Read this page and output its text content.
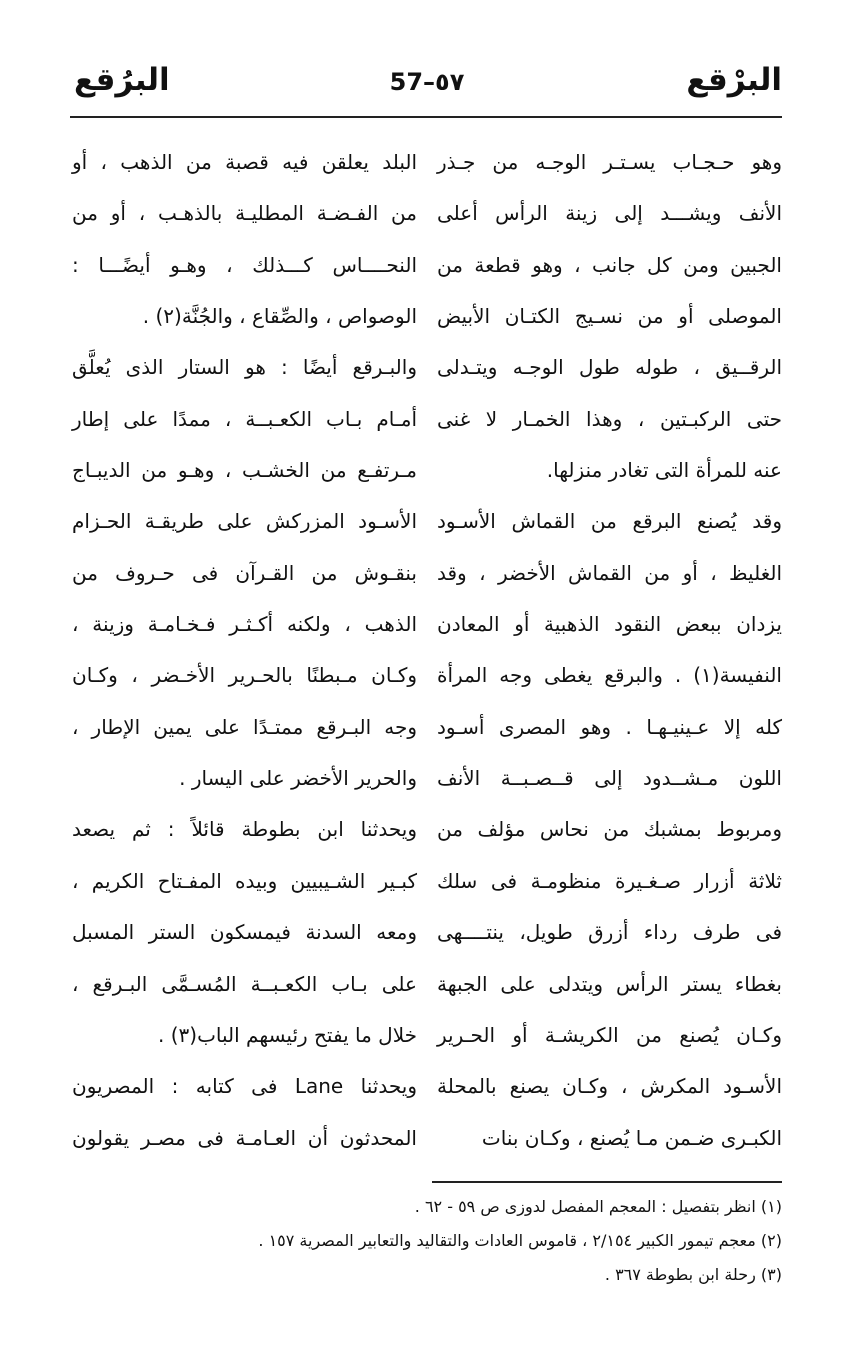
البرْقع
57–٥٧
البرُقع
وهو حـجـاب يسـتـر الوجـه من جـذر
الأنف ويشـــد إلى زينة الرأس أعلى
الجبين ومن كل جانب ، وهو قطعة من
الموصلى أو من نسـيج الكتـان الأبيض
الرقــيق ، طوله طول الوجـه ويتـدلى
حتى الركبـتين ، وهذا الخمـار لا غنى
عنه للمرأة التى تغادر منزلها.
وقد يُصنع البرقع من القماش الأسـود
الغليظ ، أو من القماش الأخضر ، وقد
يزدان ببعض النقود الذهبية أو المعادن
النفيسة(١) . والبرقع يغطى وجه المرأة
كله إلا عـينيـهـا . وهو المصرى أسـود
اللون مـشــدود إلى قــصـبــة الأنف
ومربوط بمشبك من نحاس مؤلف من
ثلاثة أزرار صـغـيرة منظومـة فى سلك
فى طرف رداء أزرق طويل، ينتــــهى
بغطاء يستر الرأس ويتدلى على الجبهة
وكـان يُصنع من الكريشـة أو الحـرير
الأسـود المكرش ، وكـان يصنع بالمحلة
الكبـرى ضـمن مـا يُصنع ، وكـان بنات
البلد يعلقن فيه قصبة من الذهب ، أو
من الفـضـة المطليـة بالذهـب ، أو من
النحــــاس كـــذلك ، وهـو أيضًـــا :
الوصواص ، والصِّقاع ، والجُنَّة(٢) .
والبـرقع أيضًا : هو الستار الذى يُعلَّق
أمـام بـاب الكعـبــة ، ممدًا على إطار
مـرتفـع من الخشـب ، وهـو من الديبـاج
الأسـود المزركش على طريقـة الحـزام
بنقـوش من القـرآن فى حـروف من
الذهب ، ولكنه أكـثـر فـخـامـة وزينة ،
وكـان مـبطنًا بالحـرير الأخـضر ، وكـان
وجه البـرقع ممتـدًا على يمين الإطار ،
والحرير الأخضر على اليسار .
ويحدثنا ابن بطوطة قائلاً : ثم يصعد
كبـير الشـيبيين وبيده المفـتاح الكريم ،
ومعه السدنة فيمسكون الستر المسبل
على بـاب الكعـبــة المُسـمَّى البـرقع ،
خلال ما يفتح رئيسهم الباب(٣) .
ويحدثنا Lane فى كتابه : المصريون
المحدثون أن العـامـة فى مصـر يقولون
(١) انظر بتفصيل : المعجم المفصل لدوزى ص ٥٩ - ٦٢ .
(٢) معجم تيمور الكبير ٢/١٥٤ ، قاموس العادات والتقاليد والتعابير المصرية ١٥٧ .
(٣) رحلة ابن بطوطة ٣٦٧ .
